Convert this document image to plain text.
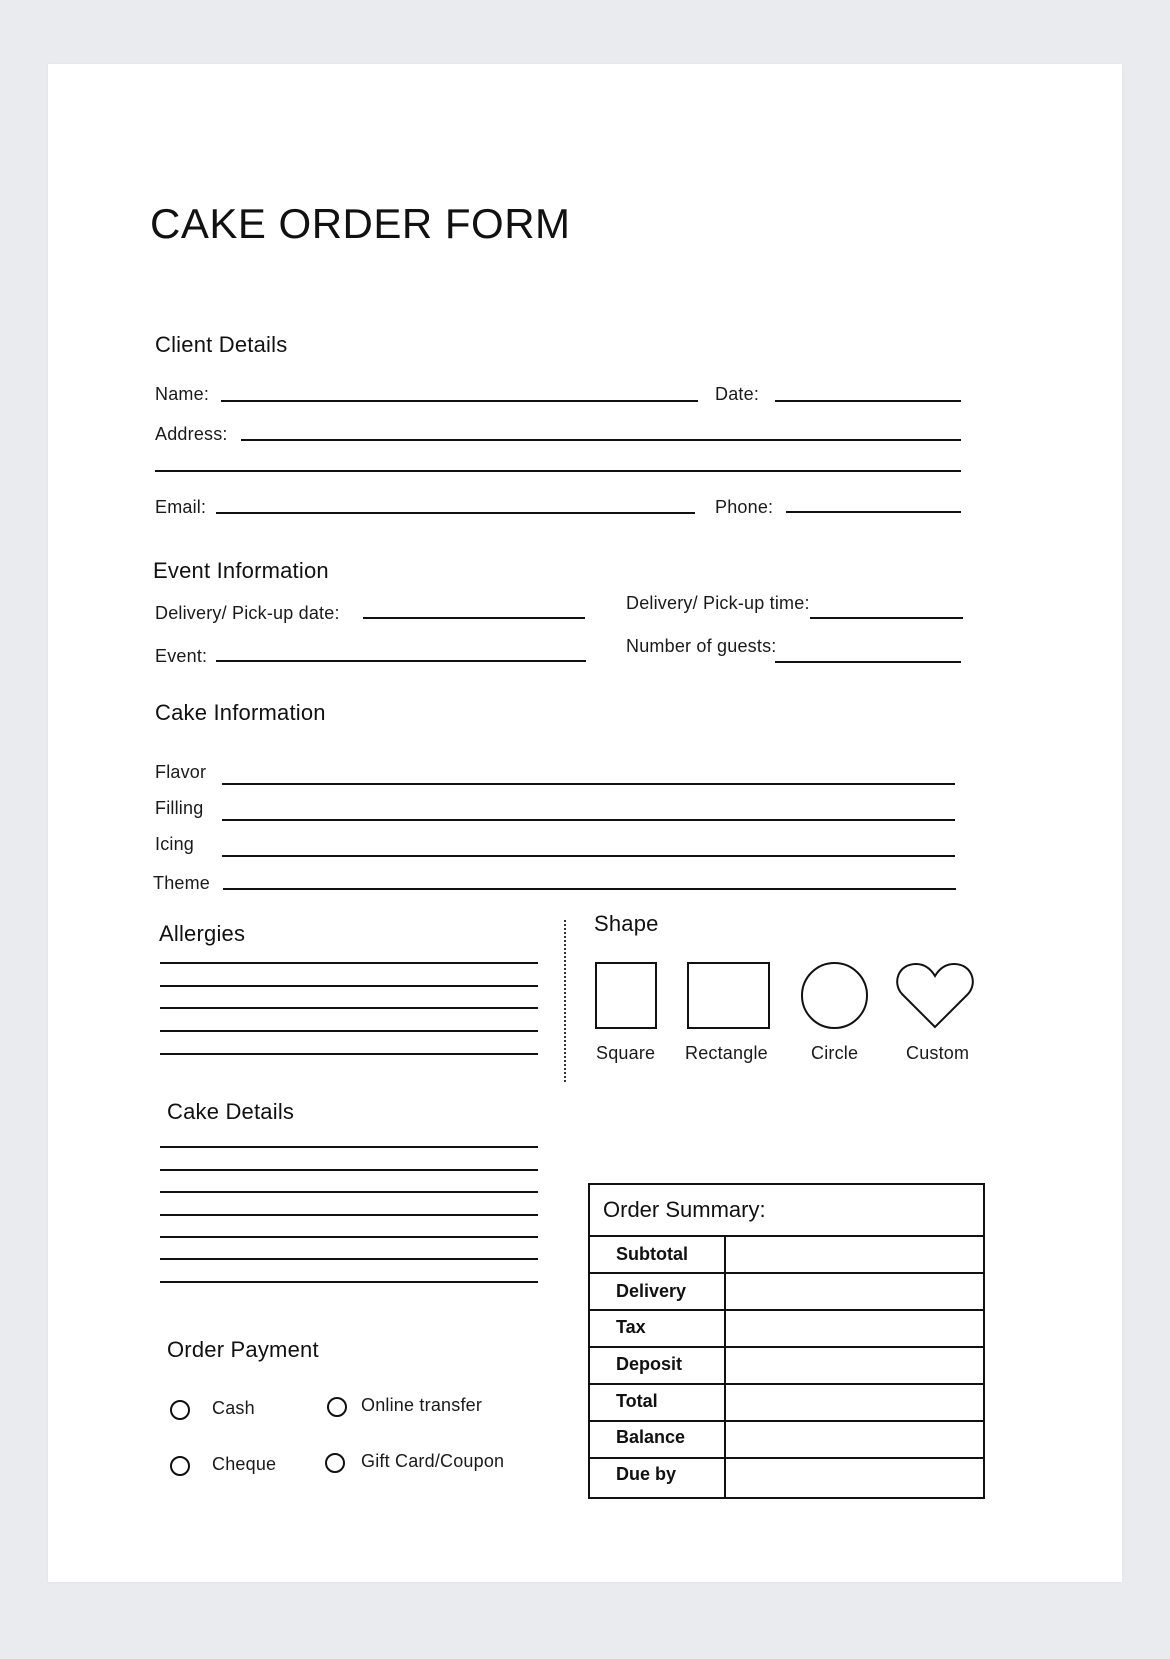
CAKE ORDER FORM
Client Details
Name:	Date:
Address:
Email:	Phone:
Event Information
Delivery/ Pick-up date:	Delivery/ Pick-up time:
Event:	Number of guests:
Cake Information
Flavor
Filling
Icing
Theme
Allergies	Shape
Square Rectangle Circle	Custom
Cake Details
Order Payment
Cash	Online transfer
Cheque	Gift Card/Coupon
Order Summary:
Subtotal
Delivery
Tax
Deposit
Total
Balance
Due by
